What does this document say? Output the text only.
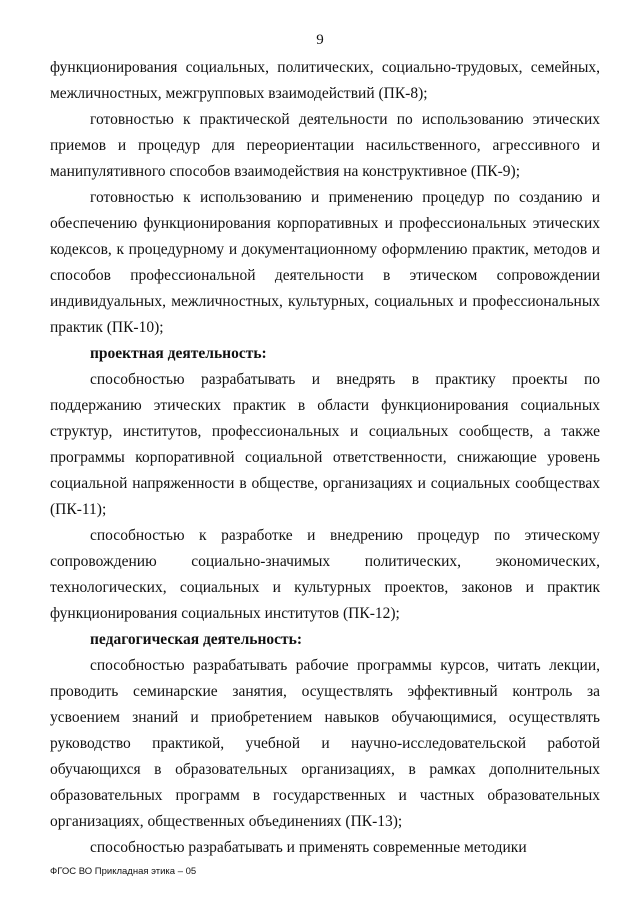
9

функционирования социальных, политических, социально-трудовых, семейных, межличностных, межгрупповых взаимодействий (ПК-8);

готовностью к практической деятельности по использованию этических приемов и процедур для переориентации насильственного, агрессивного и манипулятивного способов взаимодействия на конструктивное (ПК-9);

готовностью к использованию и применению процедур по созданию и обеспечению функционирования корпоративных и профессиональных этических кодексов, к процедурному и документационному оформлению практик, методов и способов профессиональной деятельности в этическом сопровождении индивидуальных, межличностных, культурных, социальных и профессиональных практик (ПК-10);

проектная деятельность:

способностью разрабатывать и внедрять в практику проекты по поддержанию этических практик в области функционирования социальных структур, институтов, профессиональных и социальных сообществ, а также программы корпоративной социальной ответственности, снижающие уровень социальной напряженности в обществе, организациях и социальных сообществах (ПК-11);

способностью к разработке и внедрению процедур по этическому сопровождению социально-значимых политических, экономических, технологических, социальных и культурных проектов, законов и практик функционирования социальных институтов (ПК-12);

педагогическая деятельность:

способностью разрабатывать рабочие программы курсов, читать лекции, проводить семинарские занятия, осуществлять эффективный контроль за усвоением знаний и приобретением навыков обучающимися, осуществлять руководство практикой, учебной и научно-исследовательской работой обучающихся в образовательных организациях, в рамках дополнительных образовательных программ в государственных и частных образовательных организациях, общественных объединениях (ПК-13);

способностью разрабатывать и применять современные методики

ФГОС ВО Прикладная этика – 05
